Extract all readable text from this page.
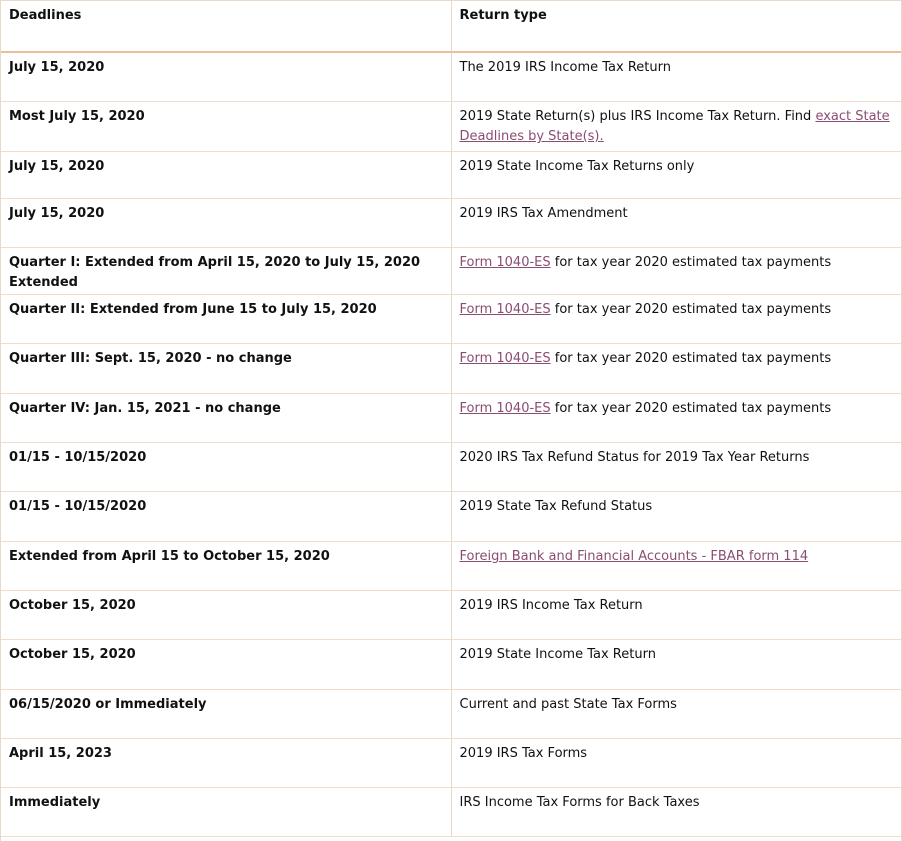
Deadlines	Return type
July 15, 2020	The 2019 IRS Income Tax Return
Most July 15, 2020	2019 State Return(s) plus IRS Income Tax Return. Find exact State Deadlines by State(s).
July 15, 2020	2019 State Income Tax Returns only
July 15, 2020	2019 IRS Tax Amendment
Quarter I: Extended from April 15, 2020 to July 15, 2020 Extended	Form 1040-ES for tax year 2020 estimated tax payments
Quarter II: Extended from June 15 to July 15, 2020	Form 1040-ES for tax year 2020 estimated tax payments
Quarter III: Sept. 15, 2020 - no change	Form 1040-ES for tax year 2020 estimated tax payments
Quarter IV: Jan. 15, 2021 - no change	Form 1040-ES for tax year 2020 estimated tax payments
01/15 - 10/15/2020	2020 IRS Tax Refund Status for 2019 Tax Year Returns
01/15 - 10/15/2020	2019 State Tax Refund Status
Extended from April 15 to October 15, 2020	Foreign Bank and Financial Accounts - FBAR form 114
October 15, 2020	2019 IRS Income Tax Return
October 15, 2020	2019 State Income Tax Return
06/15/2020 or Immediately	Current and past State Tax Forms
April 15, 2023	2019 IRS Tax Forms
Immediately	IRS Income Tax Forms for Back Taxes
